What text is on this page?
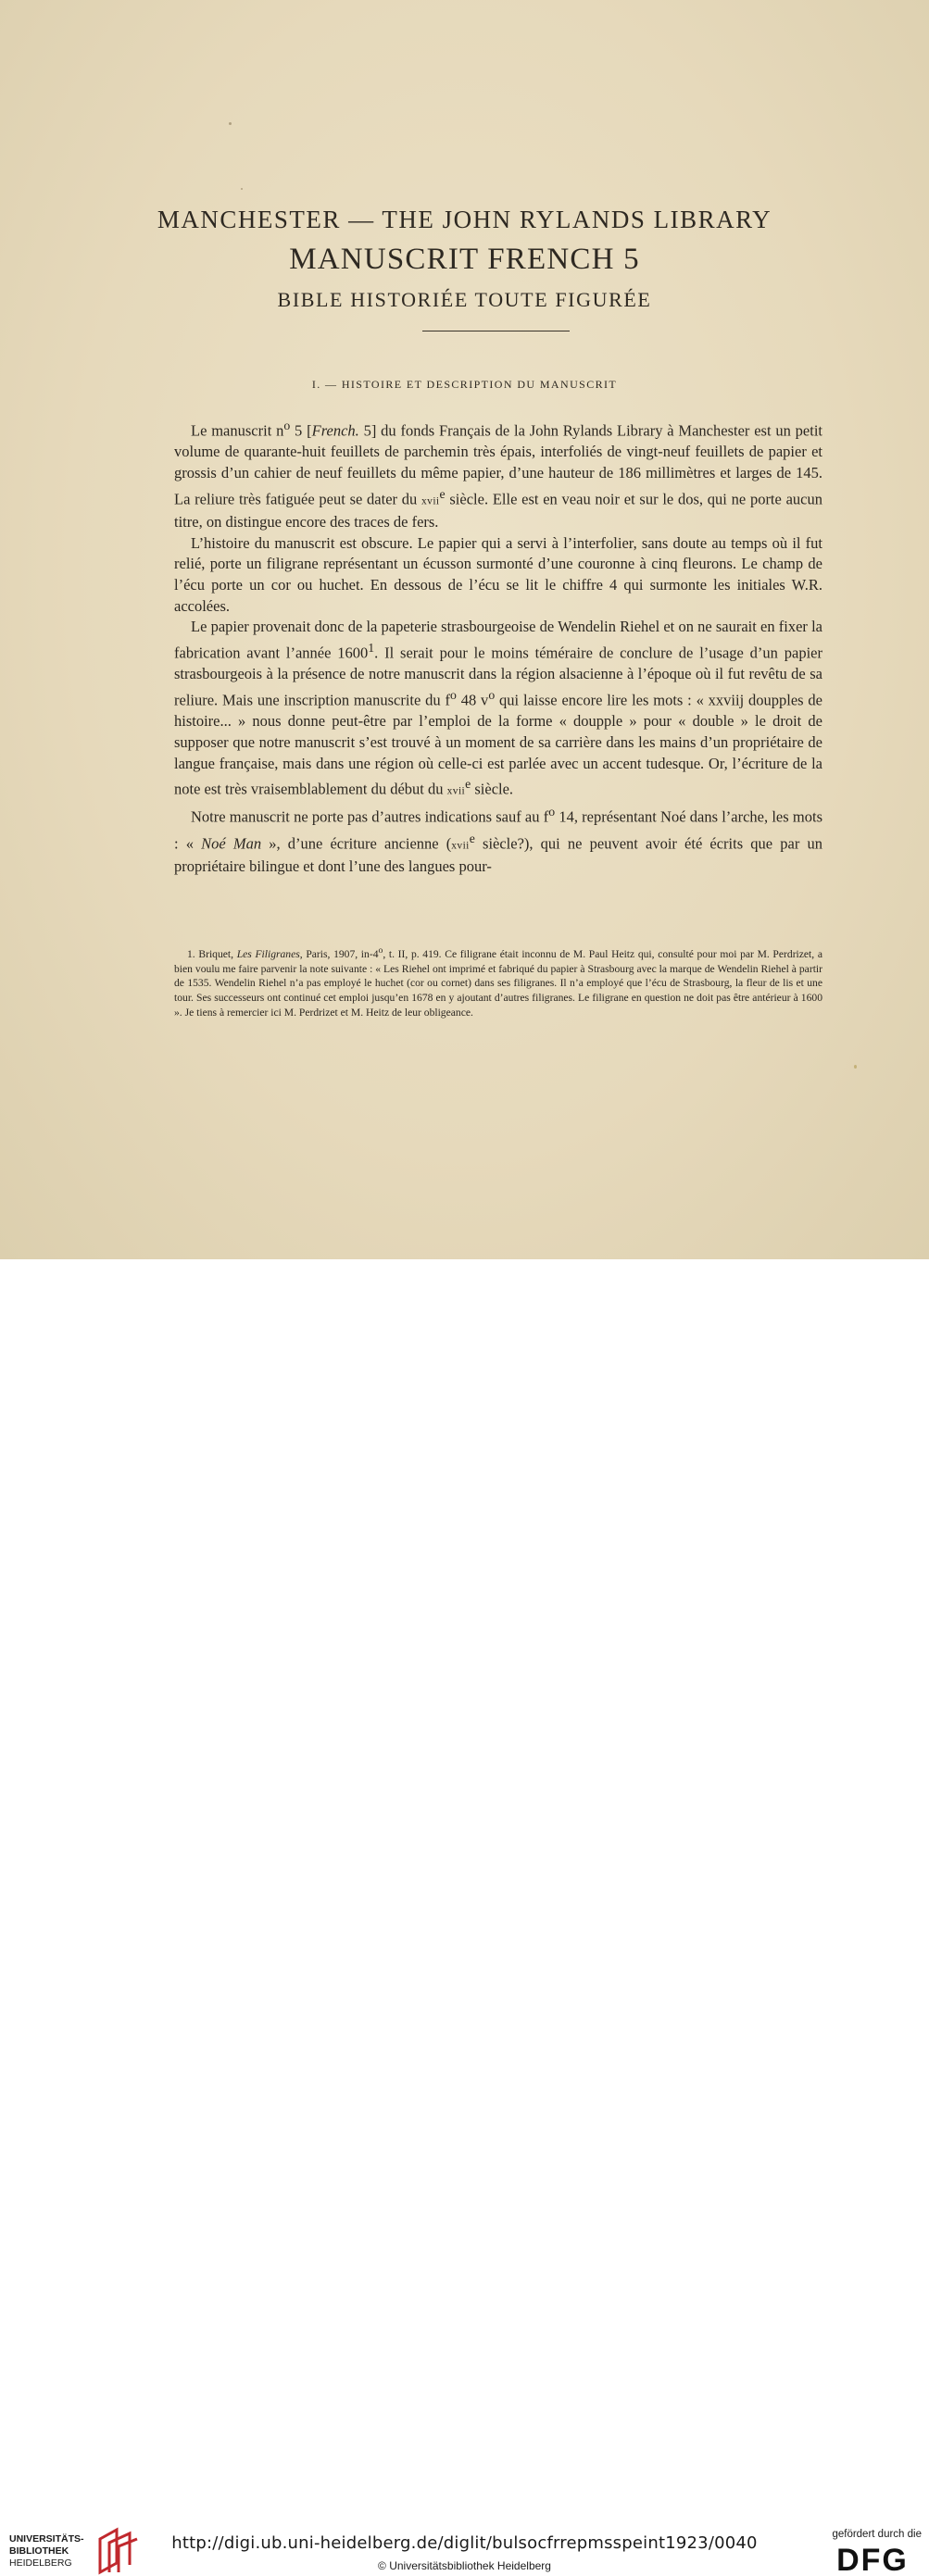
MANCHESTER — THE JOHN RYLANDS LIBRARY
MANUSCRIT FRENCH 5
BIBLE HISTORIÉE TOUTE FIGURÉE
I. — HISTOIRE ET DESCRIPTION DU MANUSCRIT

Le manuscrit $n^o$ 5 [French. 5] du fonds Français de la John Rylands Library à Manchester est un petit volume de quarante-huit feuillets de parchemin très épais, interfoliés de vingt-neuf feuillets de papier et grossis d’un cahier de neuf feuillets du même papier, d’une hauteur de 186 millimètres et larges de 145. La reliure très fatiguée peut se dater du xvii$^e$ siècle. Elle est en veau noir et sur le dos, qui ne porte aucun titre, on distingue encore des traces de fers.

L’histoire du manuscrit est obscure. Le papier qui a servi à l’interfolier, sans doute au temps où il fut relié, porte un filigrane représentant un écusson surmonté d’une couronne à cinq fleurons. Le champ de l’écu porte un cor ou huchet. En dessous de l’écu se lit le chiffre 4 qui surmonte les initiales W.R. accolées.

Le papier provenait donc de la papeterie strasbourgeoise de Wendelin Riehel et on ne saurait en fixer la fabrication avant l’année 1600$^1$. Il serait pour le moins téméraire de conclure de l’usage d’un papier strasbourgeois à la présence de notre manuscrit dans la région alsacienne à l’époque où il fut revêtu de sa reliure. Mais une inscription manuscrite du $f^o$ 48 $v^o$ qui laisse encore lire les mots : « xxviij doupples de histoire... » nous donne peut-être par l’emploi de la forme « doupple » pour « double » le droit de supposer que notre manuscrit s’est trouvé à un moment de sa carrière dans les mains d’un propriétaire de langue française, mais dans une région où celle-ci est parlée avec un accent tudesque. Or, l’écriture de la note est très vraisemblablement du début du xvii$^e$ siècle.

Notre manuscrit ne porte pas d’autres indications sauf au $f^o$ 14, représentant Noé dans l’arche, les mots : « Noé Man », d’une écriture ancienne (xvii$^e$ siècle?), qui ne peuvent avoir été écrits que par un propriétaire bilingue et dont l’une des langues pour-

1. Briquet, Les Filigranes, Paris, 1907, in-4$^o$, t. II, p. 419. Ce filigrane était inconnu de M. Paul Heitz qui, consulté pour moi par M. Perdrizet, a bien voulu me faire parvenir la note suivante : « Les Riehel ont imprimé et fabriqué du papier à Strasbourg avec la marque de Wendelin Riehel à partir de 1535. Wendelin Riehel n’a pas employé le huchet (cor ou cornet) dans ses filigranes. Il n’a employé que l’écu de Strasbourg, la fleur de lis et une tour. Ses successeurs ont continué cet emploi jusqu’en 1678 en y ajoutant d’autres filigranes. Le filigrane en question ne doit pas être antérieur à 1600 ». Je tiens à remercier ici M. Perdrizet et M. Heitz de leur obligeance.

UNIVERSITÄTS-
BIBLIOTHEK
HEIDELBERG
http://digi.ub.uni-heidelberg.de/diglit/bulsocfrrepmsspeint1923/0040
© Universitätsbibliothek Heidelberg
gefördert durch die
DFG
